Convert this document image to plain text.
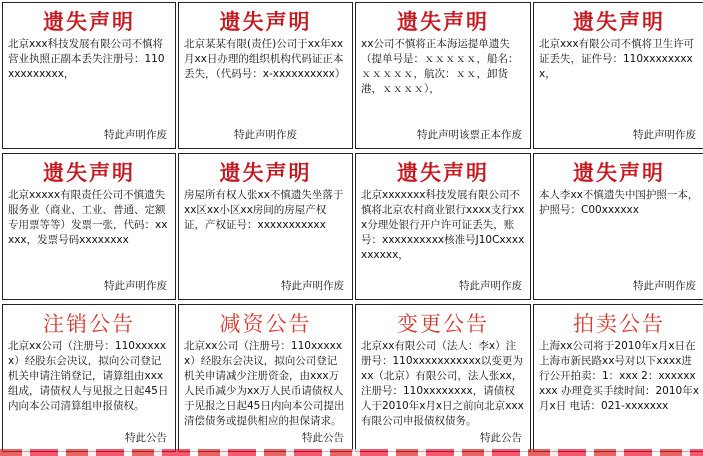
遗失声明
北京xxx科技发展有限公司不慎将营业执照正副本丢失注册号：110xxxxxxxxx，
特此声明作废
遗失声明
北京某某有限(责任)公司于xx年xx月xx日办理的组织机构代码证正本丢失，（代码号：x-xxxxxxxxxx）
特此声明作废
遗失声明
xx公司不慎将正本海运提单遗失（提单号是：ｘｘｘｘｘ，船名：ｘｘｘｘｘ，航次：ｘｘ，卸货港，ｘｘｘｘ），
特此声明该票正本作废
遗失声明
北京xxx有限公司不慎将卫生许可证丢失，证件号：110xxxxxxxxx，
特此声明作废
遗失声明
北京xxxxx有限责任公司不慎遗失服务业（商业、工业、普通、定额专用票等等）发票一张，代码：xxxxx，发票号码xxxxxxxx
特此声明作废
遗失声明
房屋所有权人张xx不慎遗失坐落于xx区xx小区xx房间的房屋产权证，产权证号：xxxxxxxxxxx
特此声明作废
遗失声明
北京xxxxxxx科技发展有限公司不慎将北京农村商业银行xxxx支行xxx分理处银行开户许可证丢失，账号：xxxxxxxxxx核准号J10Cxxxxxxxxxx，
特此声明作废
遗失声明
本人李xx不慎遗失中国护照一本，护照号：C00xxxxxx
特此声明作废
注销公告
北京xx公司（注册号：110xxxxxx）经股东会决议，拟向公司登记机关申请注销登记，请算组由xxx组成，请债权人与见报之日起45日内向本公司清算组申报债权。
特此公告
减资公告
北京xx公司（注册号：110xxxxxx）经股东会决议，拟向公司登记机关申请减少注册资金，由xxx万人民币减少为xx万人民币请债权人于见报之日起45日内向本公司提出清偿债务或提供相应的担保请求。
特此公告
变更公告
北京xx有限公司（法人：李x）注册号：110xxxxxxxxxxx以变更为xx（北京）有限公司，法人张xx，注册号：110xxxxxxxx，请债权人于2010年x月x日之前向北京xxx有限公司申报债权债务。
特此公告
拍卖公告
上海xx公司将于2010年x月x日在上海市新民路xx号对以下xxxx进行公开拍卖：1：xxx 2：xxxxxxxxx 办理竞买手续时间：2010年x月x日 电话：021-xxxxxxx
